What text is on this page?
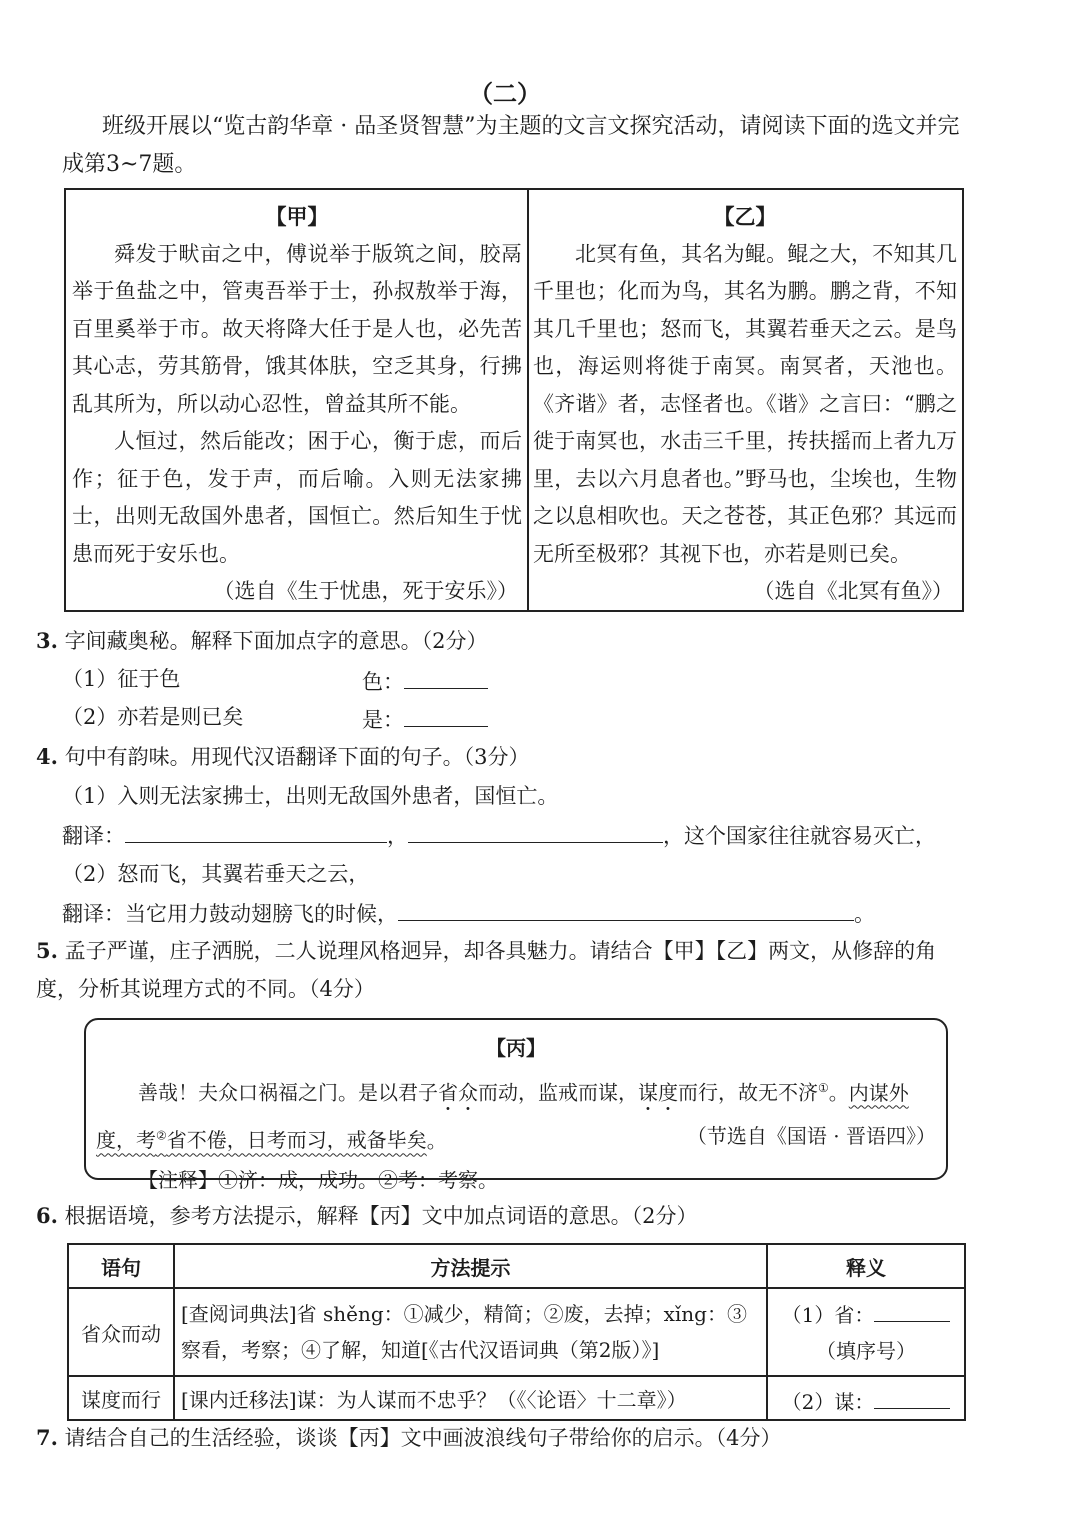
（二）

班级开展以“览古韵华章 · 品圣贤智慧”为主题的文言文探究活动，请阅读下面的选文并完成第3~7题。

【甲】

舜发于畎亩之中，傅说举于版筑之间，胶鬲举于鱼盐之中，管夷吾举于士，孙叔敖举于海，百里奚举于市。故天将降大任于是人也，必先苦其心志，劳其筋骨，饿其体肤，空乏其身，行拂乱其所为，所以动心忍性，曾益其所不能。

人恒过，然后能改；困于心，衡于虑，而后作；征于色，发于声，而后喻。入则无法家拂士，出则无敌国外患者，国恒亡。然后知生于忧患而死于安乐也。

（选自《生于忧患，死于安乐》）
【乙】

北冥有鱼，其名为鲲。鲲之大，不知其几千里也；化而为鸟，其名为鹏。鹏之背，不知其几千里也；怒而飞，其翼若垂天之云。是鸟也，海运则将徙于南冥。南冥者，天池也。《齐谐》者，志怪者也。《谐》之言曰：“鹏之徙于南冥也，水击三千里，抟扶摇而上者九万里，去以六月息者也。”野马也，尘埃也，生物之以息相吹也。天之苍苍，其正色邪？其远而无所至极邪？其视下也，亦若是则已矣。

（选自《北冥有鱼》）
3. 字间藏奥秘。解释下面加点字的意思。（2分）
（1）征于色	色：
（2）亦若是则已矣	是：
4. 句中有韵味。用现代汉语翻译下面的句子。（3分）
（1）入则无法家拂士，出则无敌国外患者，国恒亡。
翻译：	，	，这个国家往往就容易灭亡，
（2）怒而飞，其翼若垂天之云，
翻译：当它用力鼓动翅膀飞的时候，	。
5. 孟子严谨，庄子洒脱，二人说理风格迥异，却各具魅力。请结合【甲】【乙】两文，从修辞的角度，分析其说理方式的不同。（4分）
【丙】
善哉！夫众口祸福之门。是以君子省众而动，监戒而谋，谋度而行，故无不济①。内谋外度，考②省不倦，日考而习，戒备毕矣。	（节选自《国语 · 晋语四》）
【注释】①济：成，成功。②考：考察。
6. 根据语境，参考方法提示，解释【丙】文中加点词语的意思。（2分）
语句	方法提示	释义
省众而动	[查阅词典法]省 shěng：①减少，精简；②废，去掉；xǐng：③察看，考察；④了解，知道[《古代汉语词典（第2版）》]	（1）省：
（填序号）

谋度而行	[课内迁移法]谋：为人谋而不忠乎？（《〈论语〉十二章》）	（2）谋：
7. 请结合自己的生活经验，谈谈【丙】文中画波浪线句子带给你的启示。（4分）
